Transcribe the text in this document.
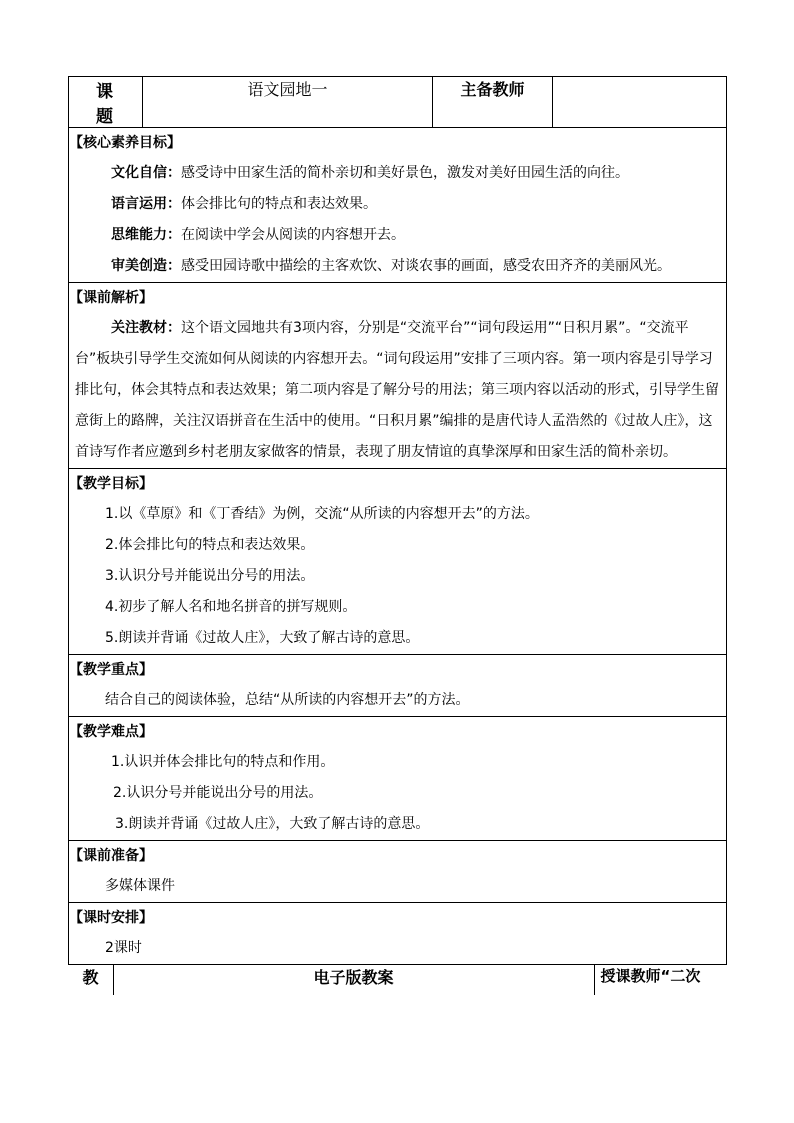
课　题	语文园地一	主备教师	

【核心素养目标】
文化自信：感受诗中田家生活的简朴亲切和美好景色，激发对美好田园生活的向往。
语言运用：体会排比句的特点和表达效果。
思维能力：在阅读中学会从阅读的内容想开去。
审美创造：感受田园诗歌中描绘的主客欢饮、对谈农事的画面，感受农田齐齐的美丽风光。

【课前解析】
关注教材：这个语文园地共有3项内容，分别是“交流平台”“词句段运用”“日积月累”。“交流平台”板块引导学生交流如何从阅读的内容想开去。“词句段运用”安排了三项内容。第一项内容是引导学习排比句，体会其特点和表达效果；第二项内容是了解分号的用法；第三项内容以活动的形式，引导学生留意街上的路牌，关注汉语拼音在生活中的使用。“日积月累”编排的是唐代诗人孟浩然的《过故人庄》，这首诗写作者应邀到乡村老朋友家做客的情景，表现了朋友情谊的真挚深厚和田家生活的简朴亲切。

【教学目标】
1.以《草原》和《丁香结》为例，交流“从所读的内容想开去”的方法。
2.体会排比句的特点和表达效果。
3.认识分号并能说出分号的用法。
4.初步了解人名和地名拼音的拼写规则。
5.朗读并背诵《过故人庄》，大致了解古诗的意思。

【教学重点】
结合自己的阅读体验，总结“从所读的内容想开去”的方法。

【教学难点】
1.认识并体会排比句的特点和作用。
2.认识分号并能说出分号的用法。
3.朗读并背诵《过故人庄》，大致了解古诗的意思。

【课前准备】
多媒体课件

【课时安排】
2课时

教	电子版教案	授课教师“二次
